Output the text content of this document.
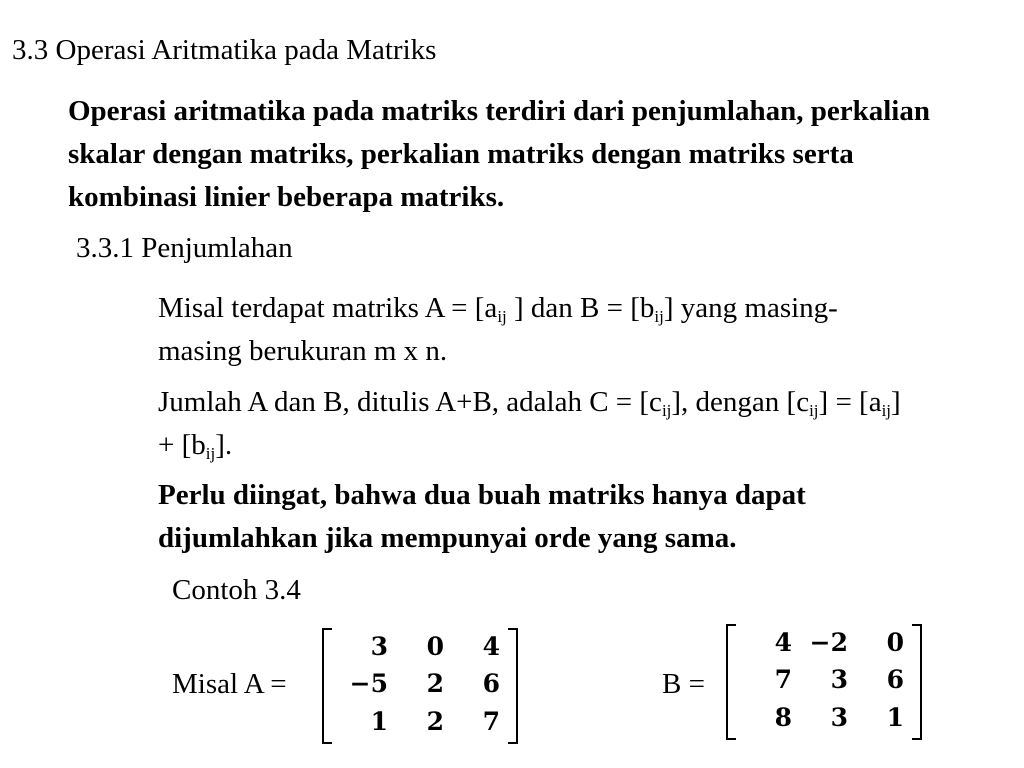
3.3 Operasi Aritmatika pada Matriks
Operasi aritmatika pada matriks terdiri dari penjumlahan, perkalian skalar dengan matriks, perkalian matriks dengan matriks serta kombinasi linier beberapa matriks.
3.3.1 Penjumlahan
Misal terdapat matriks $A = [a_{ij}$ ] dan $B = [b_{ij}]$ yang masing-masing berukuran m x n.
Jumlah A dan B, ditulis A+B, adalah $C = [c_{ij}]$, dengan $[c_{ij}] = [a_{ij}] + [b_{ij}]$.
Perlu diingat, bahwa dua buah matriks hanya dapat dijumlahkan jika mempunyai orde yang sama.
Contoh 3.4
Misal A =
3	0	4
−5	2	6
1	2	7
B =
4 −2	0
7	3	6
8	3	1
